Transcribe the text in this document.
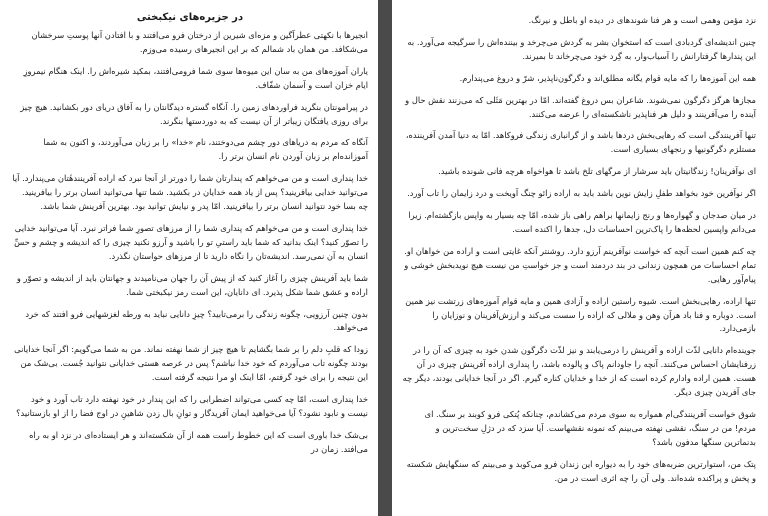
در جزیره‌های نیکبختی

انجیرها با نکهتی عطرآگین و مزه‌ای شیرین از درختان فرو می‌افتند و با افتادن آنها پوستِ سرخشان می‌شکافد. من همان باد شمالم که بر این انجیرهای رسیده می‌وزم.

یاران آموزه‌های من به سان این میوه‌ها سوی شما فرومی‌افتند، بمکید شیره‌اش را. اینک هنگام نیمروزِ ایام خزان است و آسمان شفّاف.

در پیرامونتان بنگرید فراوردهای زمین را. آنگاه گستره دیدگانتان را به آفاق دریای دور بکشانید. هیچ چیز برای روزی یافتگان زیباتر از آن نیست که به دوردستها بنگرند.

آنگاه که مردم به دریاهای دور چشم می‌دوختند، نام «خدا» را بر زبان می‌آوردند، و اکنون به شما آموزانده‌ام بر زبان آوردن نام انسان برتر را.

خدا پنداری است و من می‌خواهم که پندارتان شما را دورتر از آنجا نبرد که اراده آفرینندهٔتان می‌پندارد. آیا می‌توانید خدایی بیافرینید؟ پس از یاد همه خدایان در بکشید. شما تنها می‌توانید انسان برتر را بیافرینید. چه بسا خود نتوانید انسان برتر را بیافرینید. امّا پدر و نیایش توانید بود. بهترین آفرینش شما باشد.

خدا پنداری است و من می‌خواهم که پنداری شما را از مرزهای تصورِ شما فراتر نبرد. آیا می‌توانید خدایی را تصوّر کنید؟ اینک بدانید که شما باید راستیِ تو را باشید و آرزو نکنید چیزی را که اندیشه و چشم و حسِّ انسان به آن نمی‌رسد. اندیشه‌تان را نگاه دارید تا از مرزهای حواستان نگذرد.

شما باید آفرینش چیزی را آغاز کنید که از پیش آن را جهان می‌نامیدند و جهانتان باید از اندیشه و تصوّر و اراده و عشق شما شکل پذیرد. ای دانایان، این است رمز نیکبختی شما.

بدون چنین آرزویی، چگونه زندگی را برمی‌تابید؟ چیزِ دانایی نباید به ورطه لغزشهایی فرو افتند که خرد می‌خواهد.

زودا که قلبِ دلم را بر شما بگشایم تا هیچ چیز از شما نهفته نماند. من به شما می‌گویم: اگر آنجا خدایانی بودند چگونه تاب می‌آوردم که خود خدا نباشم؟ پس در عرصه هستی خدایانی نتوانید جُست. بی‌شک من این نتیجه را برای خود گرفتم، امّا اینک او مرا نتیجه گرفته است.

خدا پنداری است، امّا چه کسی می‌تواند اضطرابی را که این پندار در خود نهفته دارد تاب آورد و خود نیست و نابود نشود؟ آیا می‌خواهید ایمان آفریدگار و توانِ بال زدن شاهین‌ِ در اوج فضا را از او بازستانید؟

بی‌شک خدا باوری است که این خطوط راست همه از آن شکسته‌اند و هر ایستاده‌ای در نزد او به راه می‌افتد. زمان در

نزد مؤمن وهمی است و هر فنا شوندهای در دیده او باطل و نیرنگ.

چنین اندیشه‌ای گردبادی است که استخوان بشر به گردش می‌چرخد و بیننده‌اش را سرگیجه می‌آورد. به این پندارها گرفتارانش را آسیاب‌وار، به گِرد خود می‌چرخاند تا بمیرند.

همه این آموزه‌ها را که مایه قوام یگانه مطلق‌اند و دگرگون‌ناپذیر، شرّ و دروغ می‌پندارم.

مجازها هرگز دگرگون نمی‌شوند. شاعران بس دروغ گفته‌اند. امّا در بهترین مَثَلی که می‌زنند نقش حال و آینده را می‌آفرینند و دلیل هر فناپذیر ناشکسته‌ای را عرضه می‌کنند.

تنها آفرینندگی است که رهایی‌بخش دردها باشد و از گرانباری زندگی فروکاهد. امّا به دنیا آمدن آفریننده، مستلزم دگرگونیها و رنجهای بسیاری است.

ای نوآفرینان! زندگانیتان باید سرشار از مرگهای تلخ باشد تا هواخواه هرچه فانی شونده باشید.

اگر نوآفرین خود بخواهد طفلِ زایش نوین باشد باید به اراده زائو چنگ آویخت و درد زایمان را تاب آورد.

در میان صدجان و گهواره‌ها و رنج زایمانها براهم راهی باز شده، امّا چه بسیار به واپس بازگشته‌ام. زیرا می‌دانم واپسین لحظه‌ها را پاک‌ترین احساسات دل، جدها را اکنده است.

چه کنم همین است آنچه که خواست نوآفرینم آرزو دارد. روشنتر آنکه غایتی است و اراده من خواهان او. تمام احساسات من همچون زندانی در بند دردمند است و جز خواستِ من نیست هیچ نویدبخش خوشی و پیام‌آور رهایی.

تنها اراده، رهایی‌بخش است. شیوه راستین اراده و آزادی همین و مایه قوام آموزه‌های زرتشت نیز همین است. دوباره و فنا باد هرآن وهن و ملالی که اراده را سست می‌کند و ارزش‌آفرینان و نوزایان را بازمی‌دارد.

جوینده‌ام دانایی لذّت اراده و آفرینش را درمی‌یابند و نیز لذّت دگرگون شدن خود به چیزی که آن را در زرفنایشان احساس می‌کنند. آنچه را جاودانم پاک و پالوده باشد، را پنداری اراده آفرینش چیزی در آن هست. همین اراده وادارم کرده است که از خدا و خدایان کناره گیرم. اگر در آنجا خدایانی بودند، دیگر چه جای آفریدن چیزی دیگر.

شوق خواست آفرینندگی‌ام همواره به سوی مردم می‌کشاندم، چنانکه پُتکی فرو کوبند بر سنگ. ای مردم! من در سنگ، نقشی نهفته می‌بینم که نمونه نقشهاست. آیا سزد که در دژلِ سخت‌ترین و بدنماترین سنگها مدفون باشد؟

پتک من، استوارترین ضربه‌های خود را به دیواره این زندان فرو می‌کوبد و می‌بینم که سنگهایش شکسته و پخش و پراکنده شده‌اند. ولی آن را چه اثری است در من.
